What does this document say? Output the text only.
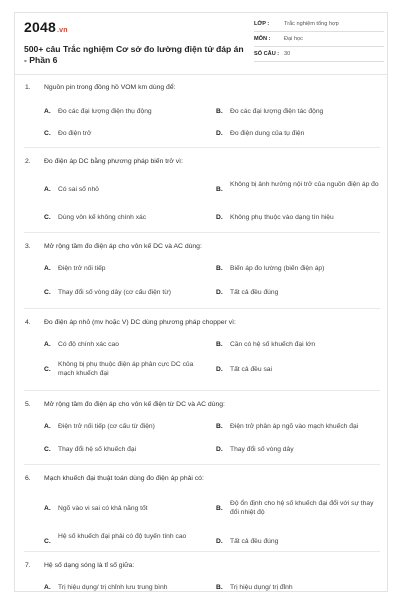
2048.vn
500+ câu Trắc nghiệm Cơ sở đo lường điện tử đáp án - Phần 6
LỚP :	Trắc nghiệm tổng hợp
MÔN :	Đại học
SỐ CÂU : 30
1. Nguồn pin trong đồng hồ VOM km dùng để:
A. Đo các đại lượng điện thụ động	B. Đo các đại lượng điện tác động
C. Đo điện trở	D. Đo điện dung của tụ điện
2. Đo điện áp DC bằng phương pháp biến trở vì:
A. Có sai số nhỏ	B.
Không bị ảnh hưởng nội trở của nguồn điện áp đo
C. Dùng vôn kế không chính xác	D. Không phụ thuộc vào dạng tín hiệu
3. Mở rộng tầm đo điện áp cho vôn kế DC và AC dùng:
A. Điện trở nối tiếp	B. Biến áp đo lường (biến điện áp)
C. Thay đổi số vòng dây (cơ cấu điện từ)	D. Tất cả đều đúng
4. Đo điện áp nhỏ (mv hoặc V) DC dùng phương pháp chopper vì:
A. Có độ chính xác cao	B. Cần có hệ số khuếch đại lớn
C.
Không bị phụ thuộc điện áp phân cực DC của mạch khuếch đại
D. Tất cả đều sai
5. Mở rộng tầm đo điện áp cho vôn kế điện từ DC và AC dùng:
A. Điện trở nối tiếp (cơ cấu từ điện)	B. Điện trở phân áp ngõ vào mạch khuếch đại
C. Thay đổi hệ số khuếch đại	D. Thay đổi số vòng dây
6. Mạch khuếch đại thuật toán dùng đo điện áp phải có:
A. Ngõ vào vi sai có khả năng tốt	B.
Độ ổn định cho hệ số khuếch đại đổi với sự thay đổi nhiệt độ
C.
Hệ số khuếch đại phải có độ tuyến tính cao
D. Tất cả đều đúng
7. Hệ số dạng sóng là tỉ số giữa:
A. Trị hiệu dụng/ trị chỉnh lưu trung bình	B. Trị hiệu dụng/ trị đỉnh
